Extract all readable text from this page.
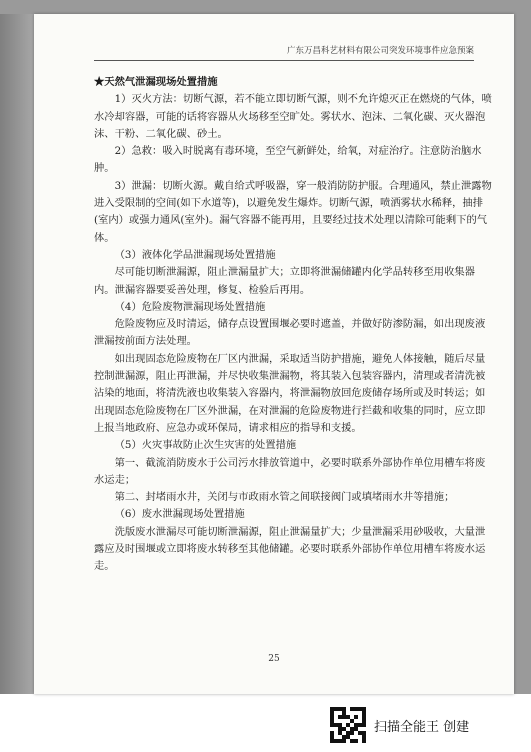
广东万昌科艺材料有限公司突发环境事件应急预案

★天然气泄漏现场处置措施

1）灭火方法：切断气源，若不能立即切断气源，则不允许熄灭正在燃烧的气体，喷水冷却容器，可能的话将容器从火场移至空旷处。雾状水、泡沫、二氧化碳、灭火器泡沫、干粉、二氧化碳、砂土。

2）急救：吸入时脱离有毒环境，至空气新鲜处，给氧，对症治疗。注意防治脑水肿。

3）泄漏：切断火源。戴自给式呼吸器，穿一般消防防护服。合理通风，禁止泄露物进入受限制的空间(如下水道等)，以避免发生爆炸。切断气源，喷洒雾状水稀释，抽排(室内）或强力通风(室外)。漏气容器不能再用，且要经过技术处理以清除可能剩下的气体。

（3）液体化学品泄漏现场处置措施

尽可能切断泄漏源，阻止泄漏量扩大；立即将泄漏储罐内化学品转移至用收集器内。泄漏容器要妥善处理，修复、检验后再用。

（4）危险废物泄漏现场处置措施

危险废物应及时清运，储存点设置围堰必要时遮盖，并做好防渗防漏，如出现废液泄漏按前面方法处理。

如出现固态危险废物在厂区内泄漏，采取适当防护措施，避免人体接触，随后尽量控制泄漏源，阻止再泄漏，并尽快收集泄漏物，将其装入包装容器内，清理或者清洗被沾染的地面，将清洗液也收集装入容器内，将泄漏物放回危废储存场所或及时转运；如出现固态危险废物在厂区外泄漏，在对泄漏的危险废物进行拦截和收集的同时，应立即上报当地政府、应急办或环保局，请求相应的指导和支援。

（5）火灾事故防止次生灾害的处置措施

第一、截流消防废水于公司污水排放管道中，必要时联系外部协作单位用槽车将废水运走；

第二、封堵雨水井，关闭与市政雨水管之间联接阀门或填堵雨水井等措施；

（6）废水泄漏现场处置措施

洗版废水泄漏尽可能切断泄漏源，阻止泄漏量扩大；少量泄漏采用砂吸收，大量泄露应及时围堰或立即将废水转移至其他储罐。必要时联系外部协作单位用槽车将废水运走。

25
扫描全能王 创建
